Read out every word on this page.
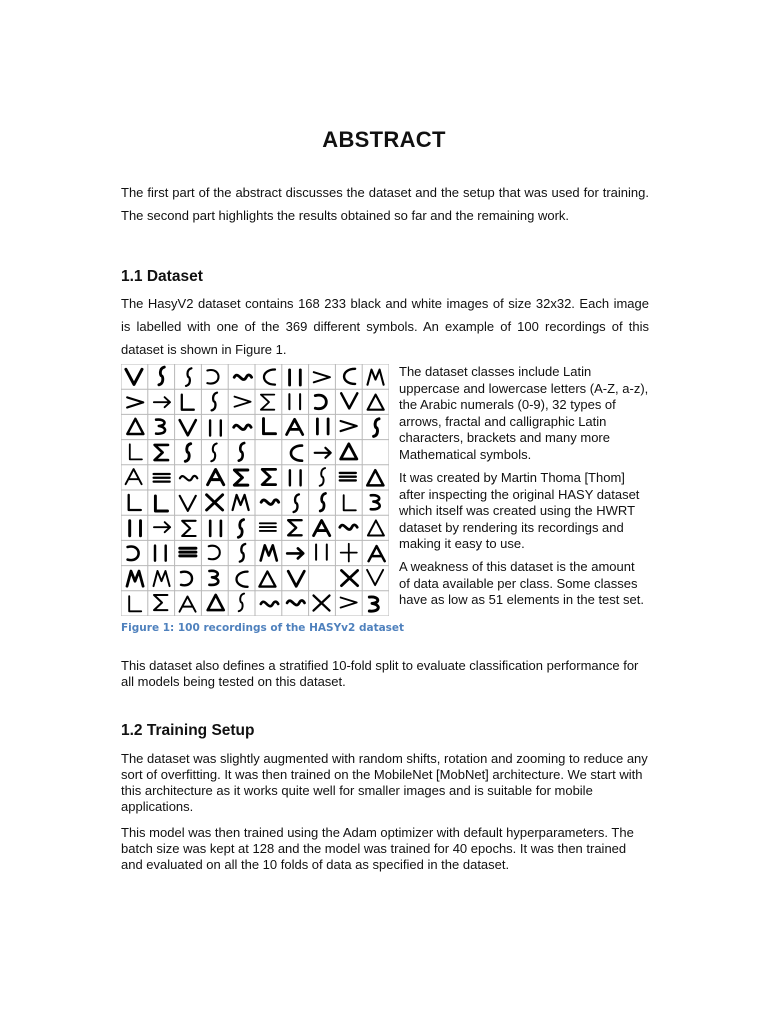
ABSTRACT

The first part of the abstract discusses the dataset and the setup that was used for training. The second part highlights the results obtained so far and the remaining work.

1.1 Dataset

The HasyV2 dataset contains 168 233 black and white images of size 32x32. Each image is labelled with one of the 369 different symbols. An example of 100 recordings of this dataset is shown in Figure 1.

Figure 1: 100 recordings of the HASYv2 dataset

The dataset classes include Latin uppercase and lowercase letters (A-Z, a-z), the Arabic numerals (0-9), 32 types of arrows, fractal and calligraphic Latin characters, brackets and many more Mathematical symbols.

It was created by Martin Thoma [Thom] after inspecting the original HASY dataset which itself was created using the HWRT dataset by rendering its recordings and making it easy to use.

A weakness of this dataset is the amount of data available per class. Some classes have as low as 51 elements in the test set.

This dataset also defines a stratified 10-fold split to evaluate classification performance for all models being tested on this dataset.

1.2 Training Setup

The dataset was slightly augmented with random shifts, rotation and zooming to reduce any sort of overfitting. It was then trained on the MobileNet [MobNet] architecture. We start with this architecture as it works quite well for smaller images and is suitable for mobile applications.

This model was then trained using the Adam optimizer with default hyperparameters. The batch size was kept at 128 and the model was trained for 40 epochs. It was then trained and evaluated on all the 10 folds of data as specified in the dataset.
